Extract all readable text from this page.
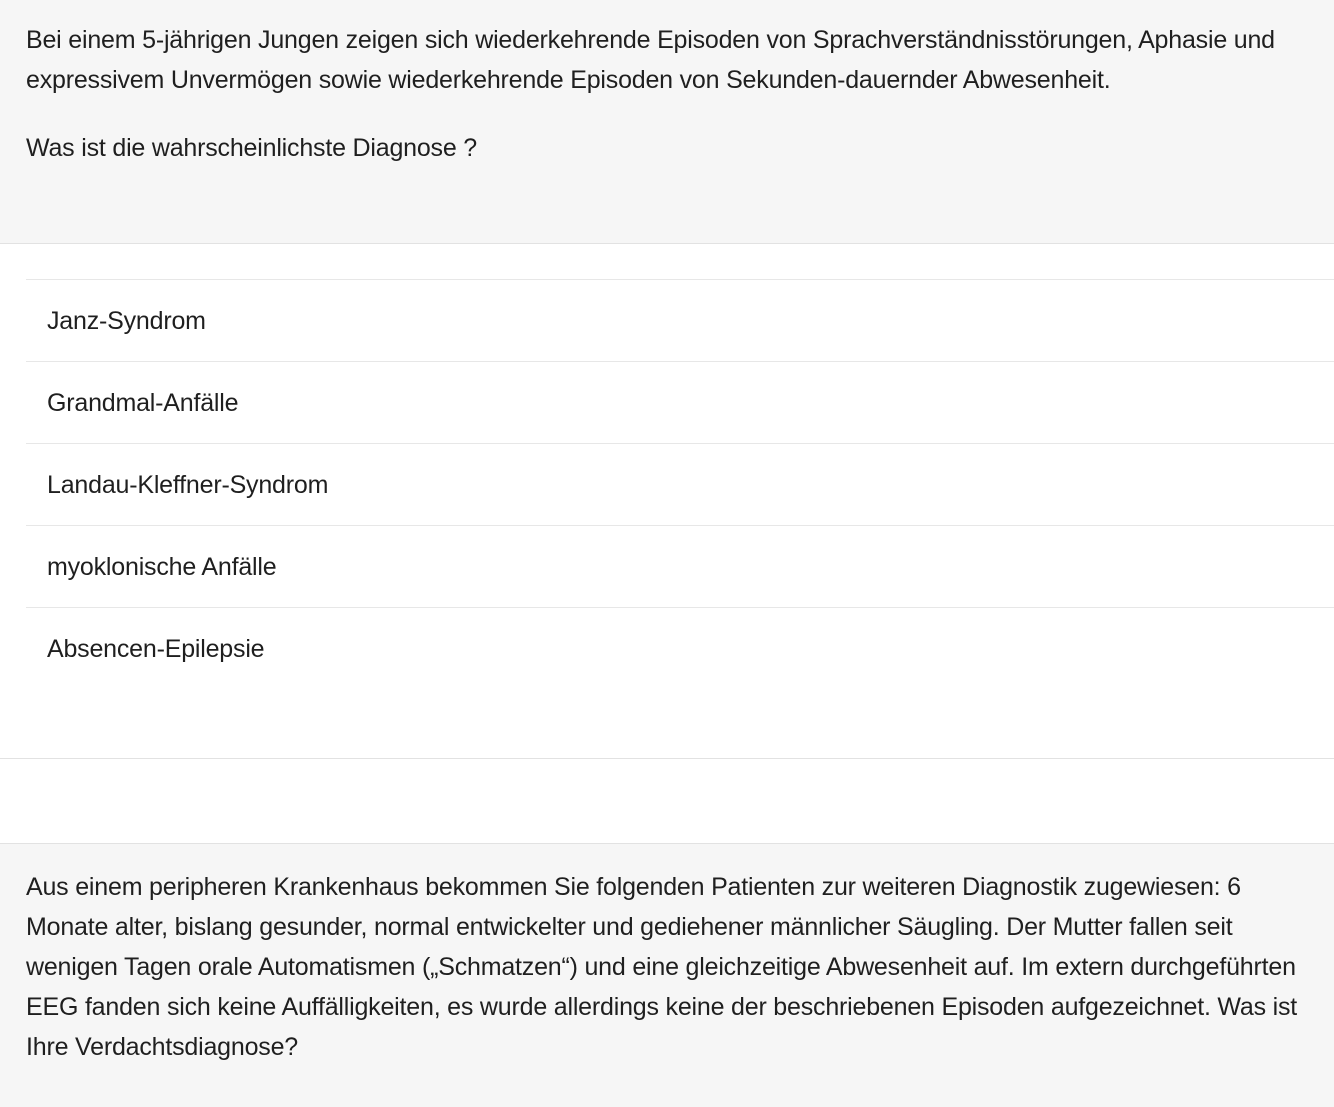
Bei einem 5-jährigen Jungen zeigen sich wiederkehrende Episoden von Sprachverständnisstörungen, Aphasie und expressivem Unvermögen sowie wiederkehrende Episoden von Sekunden-dauernder Abwesenheit.

Was ist die wahrscheinlichste Diagnose ?

Janz-Syndrom
Grandmal-Anfälle
Landau-Kleffner-Syndrom
myoklonische Anfälle
Absencen-Epilepsie

Aus einem peripheren Krankenhaus bekommen Sie folgenden Patienten zur weiteren Diagnostik zugewiesen: 6 Monate alter, bislang gesunder, normal entwickelter und gediehener männlicher Säugling. Der Mutter fallen seit wenigen Tagen orale Automatismen („Schmatzen“) und eine gleichzeitige Abwesenheit auf. Im extern durchgeführten EEG fanden sich keine Auffälligkeiten, es wurde allerdings keine der beschriebenen Episoden aufgezeichnet. Was ist Ihre Verdachtsdiagnose?
